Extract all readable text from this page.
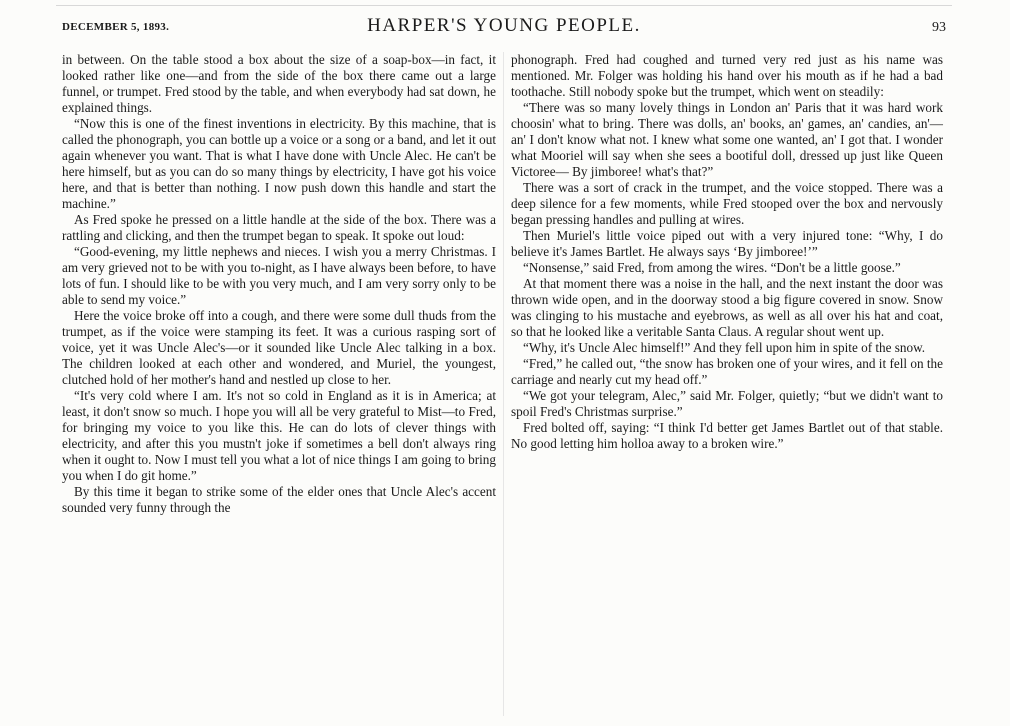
DECEMBER 5, 1893.	HARPER'S YOUNG PEOPLE.	93

in between. On the table stood a box about the size of a soap-box—in fact, it looked rather like one—and from the side of the box there came out a large funnel, or trumpet. Fred stood by the table, and when everybody had sat down, he explained things.

“Now this is one of the finest inventions in electricity. By this machine, that is called the phonograph, you can bottle up a voice or a song or a band, and let it out again whenever you want. That is what I have done with Uncle Alec. He can't be here himself, but as you can do so many things by electricity, I have got his voice here, and that is better than nothing. I now push down this handle and start the machine.”

As Fred spoke he pressed on a little handle at the side of the box. There was a rattling and clicking, and then the trumpet began to speak. It spoke out loud:

“Good-evening, my little nephews and nieces. I wish you a merry Christmas. I am very grieved not to be with you to-night, as I have always been before, to have lots of fun. I should like to be with you very much, and I am very sorry only to be able to send my voice.”

Here the voice broke off into a cough, and there were some dull thuds from the trumpet, as if the voice were stamping its feet. It was a curious rasping sort of voice, yet it was Uncle Alec's—or it sounded like Uncle Alec talking in a box. The children looked at each other and wondered, and Muriel, the youngest, clutched hold of her mother's hand and nestled up close to her.

“It's very cold where I am. It's not so cold in England as it is in America; at least, it don't snow so much. I hope you will all be very grateful to Mist—to Fred, for bringing my voice to you like this. He can do lots of clever things with electricity, and after this you mustn't joke if sometimes a bell don't always ring when it ought to. Now I must tell you what a lot of nice things I am going to bring you when I do git home.”

By this time it began to strike some of the elder ones that Uncle Alec's accent sounded very funny through the

phonograph. Fred had coughed and turned very red just as his name was mentioned. Mr. Folger was holding his hand over his mouth as if he had a bad toothache. Still nobody spoke but the trumpet, which went on steadily:

“There was so many lovely things in London an' Paris that it was hard work choosin' what to bring. There was dolls, an' books, an' games, an' candies, an'—an' I don't know what not. I knew what some one wanted, an' I got that. I wonder what Mooriel will say when she sees a bootiful doll, dressed up just like Queen Victoree— By jimboree! what's that?”

There was a sort of crack in the trumpet, and the voice stopped. There was a deep silence for a few moments, while Fred stooped over the box and nervously began pressing handles and pulling at wires.

Then Muriel's little voice piped out with a very injured tone: “Why, I do believe it's James Bartlet. He always says ‘By jimboree!’”

“Nonsense,” said Fred, from among the wires. “Don't be a little goose.”

At that moment there was a noise in the hall, and the next instant the door was thrown wide open, and in the doorway stood a big figure covered in snow. Snow was clinging to his mustache and eyebrows, as well as all over his hat and coat, so that he looked like a veritable Santa Claus. A regular shout went up.

“Why, it's Uncle Alec himself!” And they fell upon him in spite of the snow.

“Fred,” he called out, “the snow has broken one of your wires, and it fell on the carriage and nearly cut my head off.”

“We got your telegram, Alec,” said Mr. Folger, quietly; “but we didn't want to spoil Fred's Christmas surprise.”

Fred bolted off, saying: “I think I'd better get James Bartlet out of that stable. No good letting him holloa away to a broken wire.”
